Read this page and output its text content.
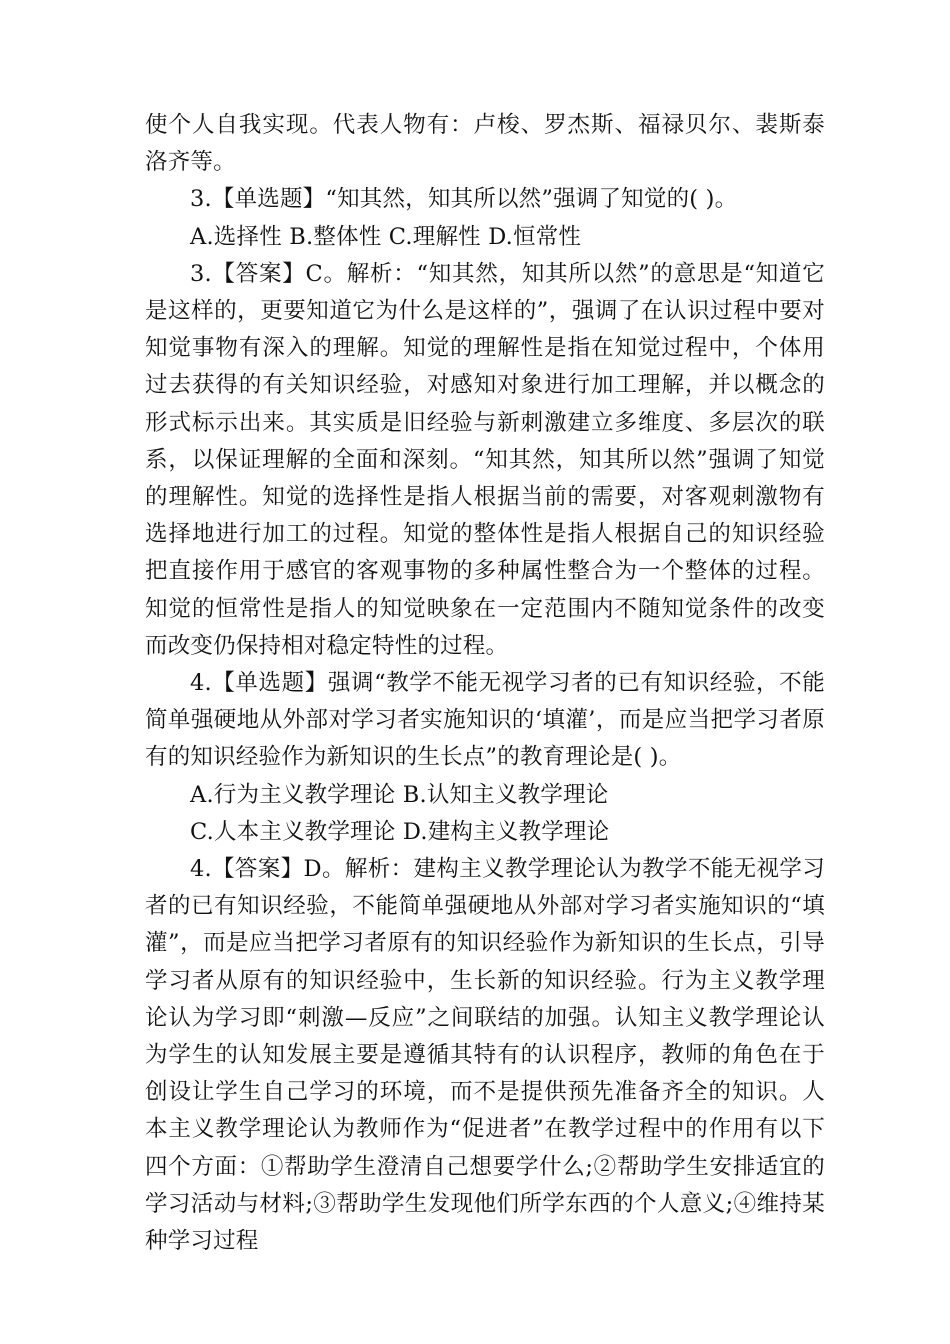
使个人自我实现。代表人物有：卢梭、罗杰斯、福禄贝尔、裴斯泰洛齐等。

3.【单选题】“知其然，知其所以然”强调了知觉的( )。

A.选择性 B.整体性 C.理解性 D.恒常性

3.【答案】C。解析：“知其然，知其所以然”的意思是“知道它是这样的，更要知道它为什么是这样的”，强调了在认识过程中要对知觉事物有深入的理解。知觉的理解性是指在知觉过程中，个体用过去获得的有关知识经验，对感知对象进行加工理解，并以概念的形式标示出来。其实质是旧经验与新刺激建立多维度、多层次的联系，以保证理解的全面和深刻。“知其然，知其所以然”强调了知觉的理解性。知觉的选择性是指人根据当前的需要，对客观刺激物有选择地进行加工的过程。知觉的整体性是指人根据自己的知识经验把直接作用于感官的客观事物的多种属性整合为一个整体的过程。知觉的恒常性是指人的知觉映象在一定范围内不随知觉条件的改变而改变仍保持相对稳定特性的过程。

4.【单选题】强调“教学不能无视学习者的已有知识经验，不能简单强硬地从外部对学习者实施知识的‘填灌’，而是应当把学习者原有的知识经验作为新知识的生长点”的教育理论是( )。

A.行为主义教学理论 B.认知主义教学理论

C.人本主义教学理论 D.建构主义教学理论

4.【答案】D。解析：建构主义教学理论认为教学不能无视学习者的已有知识经验，不能简单强硬地从外部对学习者实施知识的“填灌”，而是应当把学习者原有的知识经验作为新知识的生长点，引导学习者从原有的知识经验中，生长新的知识经验。行为主义教学理论认为学习即“刺激—反应”之间联结的加强。认知主义教学理论认为学生的认知发展主要是遵循其特有的认识程序，教师的角色在于创设让学生自己学习的环境，而不是提供预先准备齐全的知识。人本主义教学理论认为教师作为“促进者”在教学过程中的作用有以下四个方面：①帮助学生澄清自己想要学什么;②帮助学生安排适宜的学习活动与材料;③帮助学生发现他们所学东西的个人意义;④维持某种学习过程
